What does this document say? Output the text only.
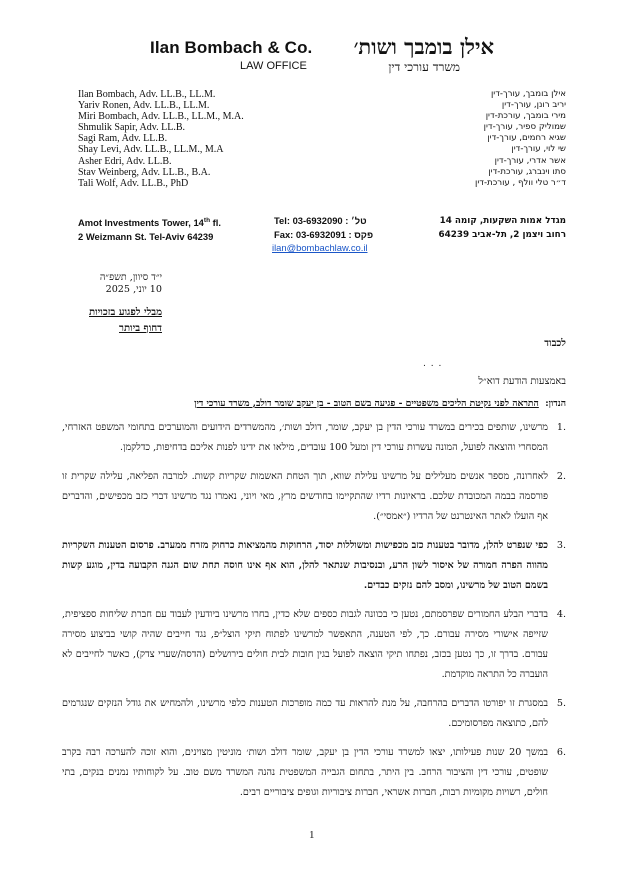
Ilan Bombach & Co.
LAW OFFICE
אילן בומבך ושות׳
משרד עורכי דין
Ilan Bombach, Adv. LL.B., LL.M.
Yariv Ronen, Adv. LL.B., LL.M.
Miri Bombach, Adv. LL.B., LL.M., M.A.
Shmulik Sapir, Adv. LL.B.
Sagi Ram, Adv. LL.B.
Shay Levi, Adv. LL.B., LL.M., M.A
Asher Edri, Adv. LL.B.
Stav Weinberg, Adv. LL.B., B.A.
Tali Wolf, Adv. LL.B., PhD
אילן בומבך, עורך-דין
יריב רונן, עורך-דין
מירי בומבך, עורכת-דין
שמוליק ספיר, עורך-דין
שגיא רחמים, עורך-דין
שי לוי, עורך-דין
אשר אדרי, עורך-דין
סתו וינברג, עורכת-דין
ד״ר טלי וולף , עורכת-דין
Amot Investments Tower, 14th fl.
2 Weizmann St. Tel-Aviv 64239
Tel: 03-6932090 : טל׳
Fax: 03-6932091 : פקס
ilan@bombachlaw.co.il
מגדל אמות השקעות, קומה 14
רחוב ויצמן 2, תל-אביב 64239
י״ד סיוון, תשפ״ה
10 יוני, 2025
מבלי לפגוע בזכויות
דחוף ביותר
לכבוד
. . .
באמצעות הודעת דוא״ל
הנדון:  התראה לפני נקיטת הליכים משפטיים - פגיעה בשם הטוב - בן יעקב שומר דולב, משרד עורכי דין
.1
מרשינו, שותפים בכירים במשרד עורכי הדין בן יעקב, שומר, דולב ושות׳, מהמשרדים הידועים והמוערכים בתחומי המשפט האזרחי, המסחרי והוצאה לפועל, המונה עשרות עורכי דין ומעל 100 עובדים, מילאו את ידינו לפנות אליכם בדחיפות, כדלקמן.
.2
לאחרונה, מספר אנשים מעלילים על מרשינו עלילת שווא, תוך הטחת האשמות שקריות קשות. למרבה הפליאה, עלילה שקרית זו פורסמה בבמה המכובדת שלכם. בראיונות רדיו שהתקיימו בחודשים מרץ, מאי ויוני, נאמרו נגד מרשינו דברי כזב מכפישים, והדברים אף הועלו לאתר האינטרנט של הרדיו (״אמסי״).
.3
כפי שנפרט להלן, מדובר בטענות כזב מכפישות ומשוללות יסוד, הרחוקות מהמציאות כרחוק מזרח ממערב. פרסום הטענות השקריות מהווה הפרה חמורה של איסור לשון הרע, ובנסיבות שנתאר להלן, הוא אף אינו חוסה תחת שום הגנה הקבועה בדין, מוגע קשות בשמם הטוב של מרשינו, ומסב להם נזקים כבדים.
.4
בדברי הבלע החמורים שפרסמתם, נטען כי בכוונה לגבות כספים שלא כדין, בחרו מרשינו ביודעין לעבוד עם חברת שליחות ספציפית, שזייפה אישורי מסירה עבורם. כך, לפי הטענה, התאפשר למרשינו לפתוח תיקי הוצל״פ, נגד חייבים שהיה קושי בביצוע מסירה עבורם. בדרך זו, כך נטען בכזב, נפתחו תיקי הוצאה לפועל בגין חובות לבית חולים בירושלים (הדסה/שערי צדק), כאשר לחייבים לא הועברה כל התראה מוקדמת.
.5
במסגרת זו יפורטו הדברים בהרחבה, על מנת להראות עד כמה מופרכות הטענות כלפי מרשינו, ולהמחיש את גודל הנזקים שנגרמים להם, כתוצאה מפרסומיכם.
.6
במשך 20 שנות פעילותו, יצאו למשרד עורכי הדין בן יעקב, שומר דולב ושות׳ מוניטין מצוינים, והוא זוכה להערכה רבה בקרב שופטים, עורכי דין והציבור הרחב. בין היתר, בתחום הגבייה המשפטית נהנה המשרד משם טוב. על לקוחותיו נמנים בנקים, בתי חולים, רשויות מקומיות רבות, חברות אשראי, חברות ציבוריות וגופים ציבוריים רבים.
1
